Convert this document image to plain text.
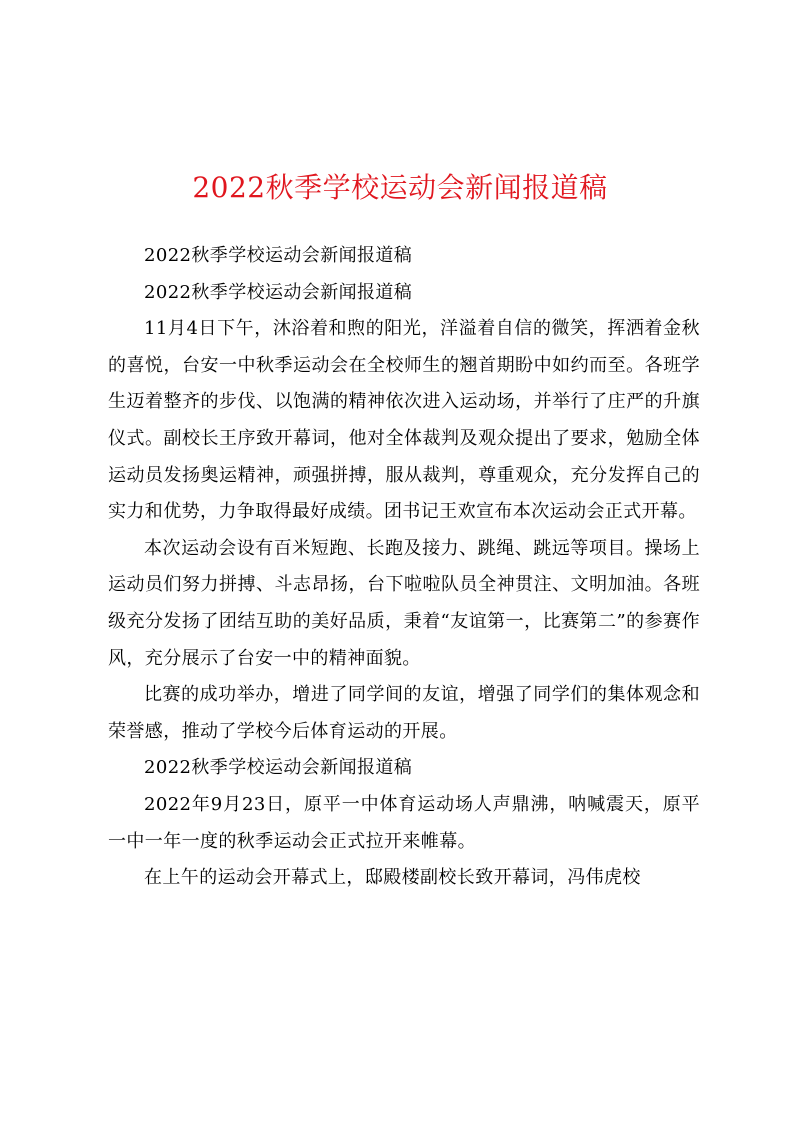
2022秋季学校运动会新闻报道稿

2022秋季学校运动会新闻报道稿

2022秋季学校运动会新闻报道稿

11月4日下午，沐浴着和煦的阳光，洋溢着自信的微笑，挥洒着金秋的喜悦，台安一中秋季运动会在全校师生的翘首期盼中如约而至。各班学生迈着整齐的步伐、以饱满的精神依次进入运动场，并举行了庄严的升旗仪式。副校长王序致开幕词，他对全体裁判及观众提出了要求，勉励全体运动员发扬奥运精神，顽强拼搏，服从裁判，尊重观众，充分发挥自己的实力和优势，力争取得最好成绩。团书记王欢宣布本次运动会正式开幕。

本次运动会设有百米短跑、长跑及接力、跳绳、跳远等项目。操场上运动员们努力拼搏、斗志昂扬，台下啦啦队员全神贯注、文明加油。各班级充分发扬了团结互助的美好品质，秉着“友谊第一，比赛第二”的参赛作风，充分展示了台安一中的精神面貌。

比赛的成功举办，增进了同学间的友谊，增强了同学们的集体观念和荣誉感，推动了学校今后体育运动的开展。

2022秋季学校运动会新闻报道稿

2022年9月23日，原平一中体育运动场人声鼎沸，呐喊震天，原平一中一年一度的秋季运动会正式拉开来帷幕。

在上午的运动会开幕式上，邸殿楼副校长致开幕词，冯伟虎校
